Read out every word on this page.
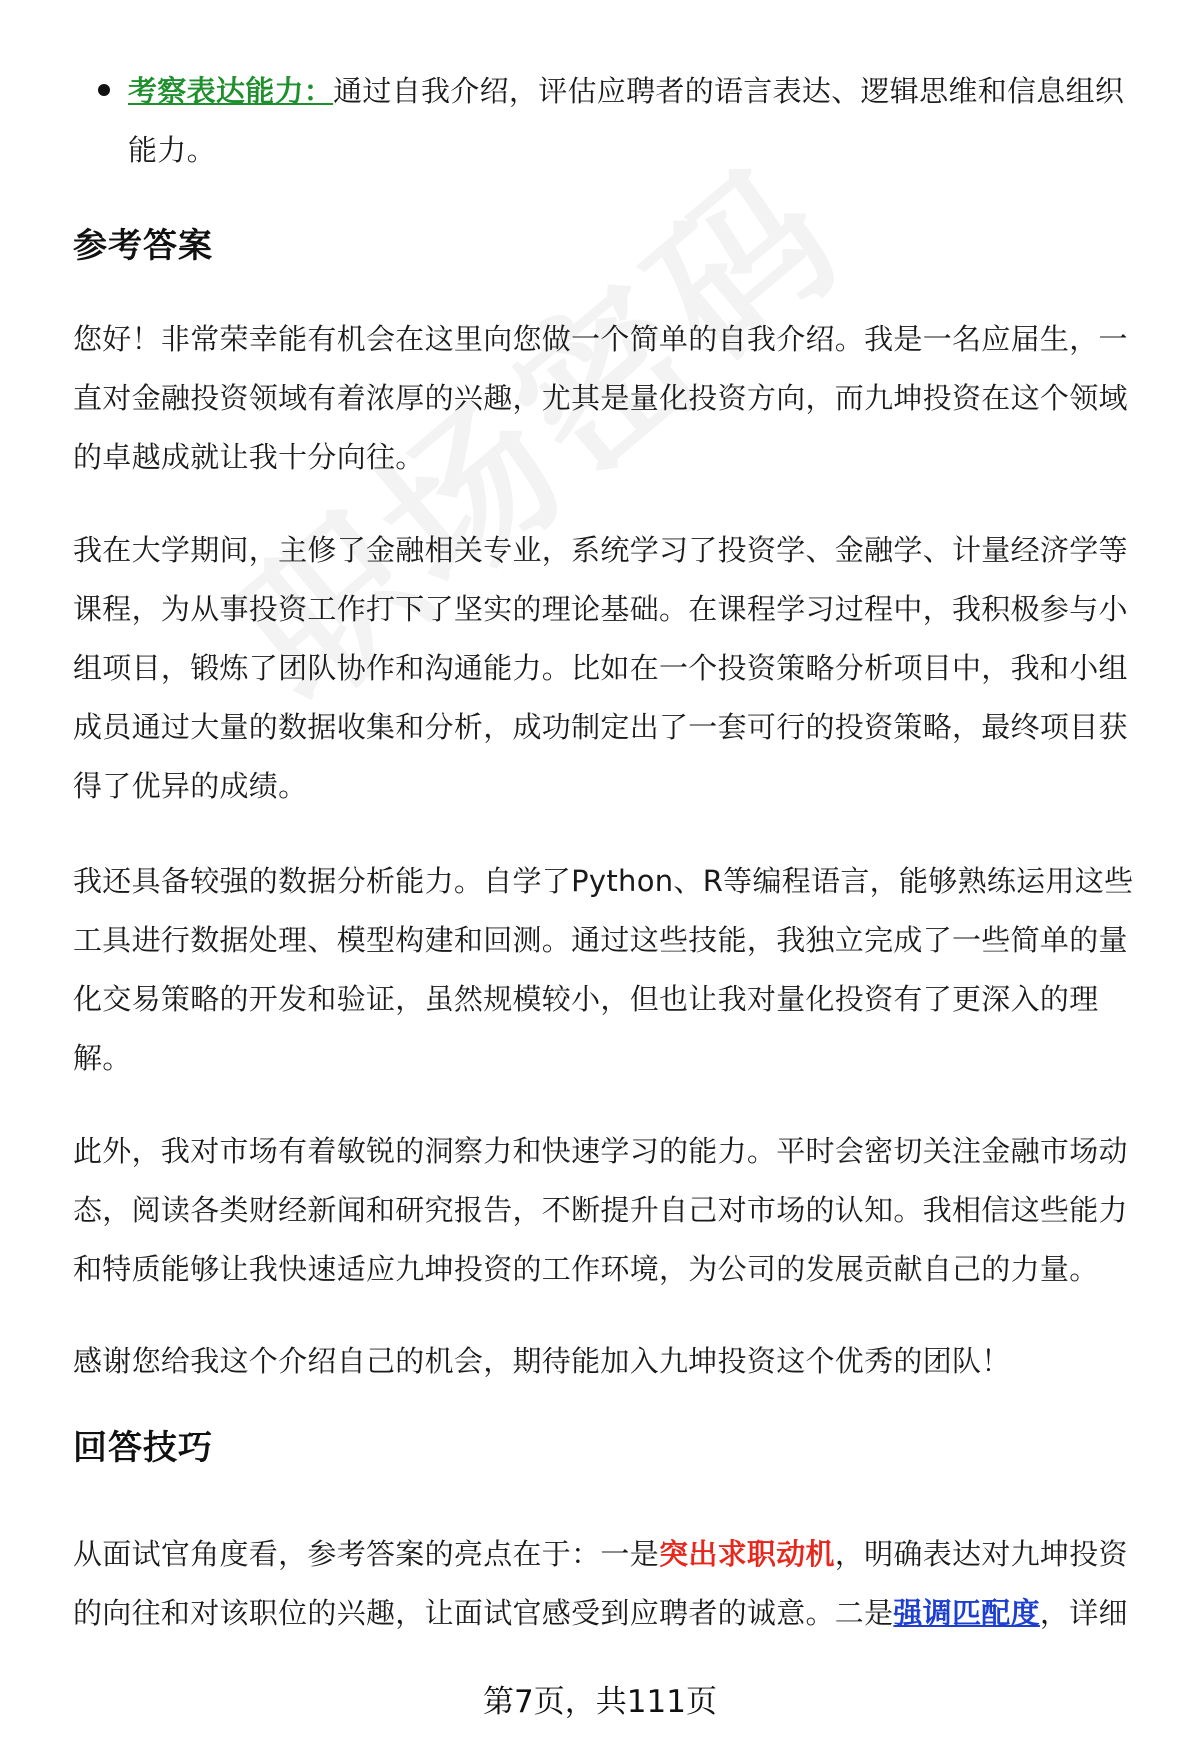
考察表达能力：通过自我介绍，评估应聘者的语言表达、逻辑思维和信息组织能力。

参考答案

您好！非常荣幸能有机会在这里向您做一个简单的自我介绍。我是一名应届生，一直对金融投资领域有着浓厚的兴趣，尤其是量化投资方向，而九坤投资在这个领域的卓越成就让我十分向往。

我在大学期间，主修了金融相关专业，系统学习了投资学、金融学、计量经济学等课程，为从事投资工作打下了坚实的理论基础。在课程学习过程中，我积极参与小组项目，锻炼了团队协作和沟通能力。比如在一个投资策略分析项目中，我和小组成员通过大量的数据收集和分析，成功制定出了一套可行的投资策略，最终项目获得了优异的成绩。

我还具备较强的数据分析能力。自学了Python、R等编程语言，能够熟练运用这些工具进行数据处理、模型构建和回测。通过这些技能，我独立完成了一些简单的量化交易策略的开发和验证，虽然规模较小，但也让我对量化投资有了更深入的理解。

此外，我对市场有着敏锐的洞察力和快速学习的能力。平时会密切关注金融市场动态，阅读各类财经新闻和研究报告，不断提升自己对市场的认知。我相信这些能力和特质能够让我快速适应九坤投资的工作环境，为公司的发展贡献自己的力量。

感谢您给我这个介绍自己的机会，期待能加入九坤投资这个优秀的团队！

回答技巧

从面试官角度看，参考答案的亮点在于：一是突出求职动机，明确表达对九坤投资的向往和对该职位的兴趣，让面试官感受到应聘者的诚意。二是强调匹配度，详细

第7页，共111页
